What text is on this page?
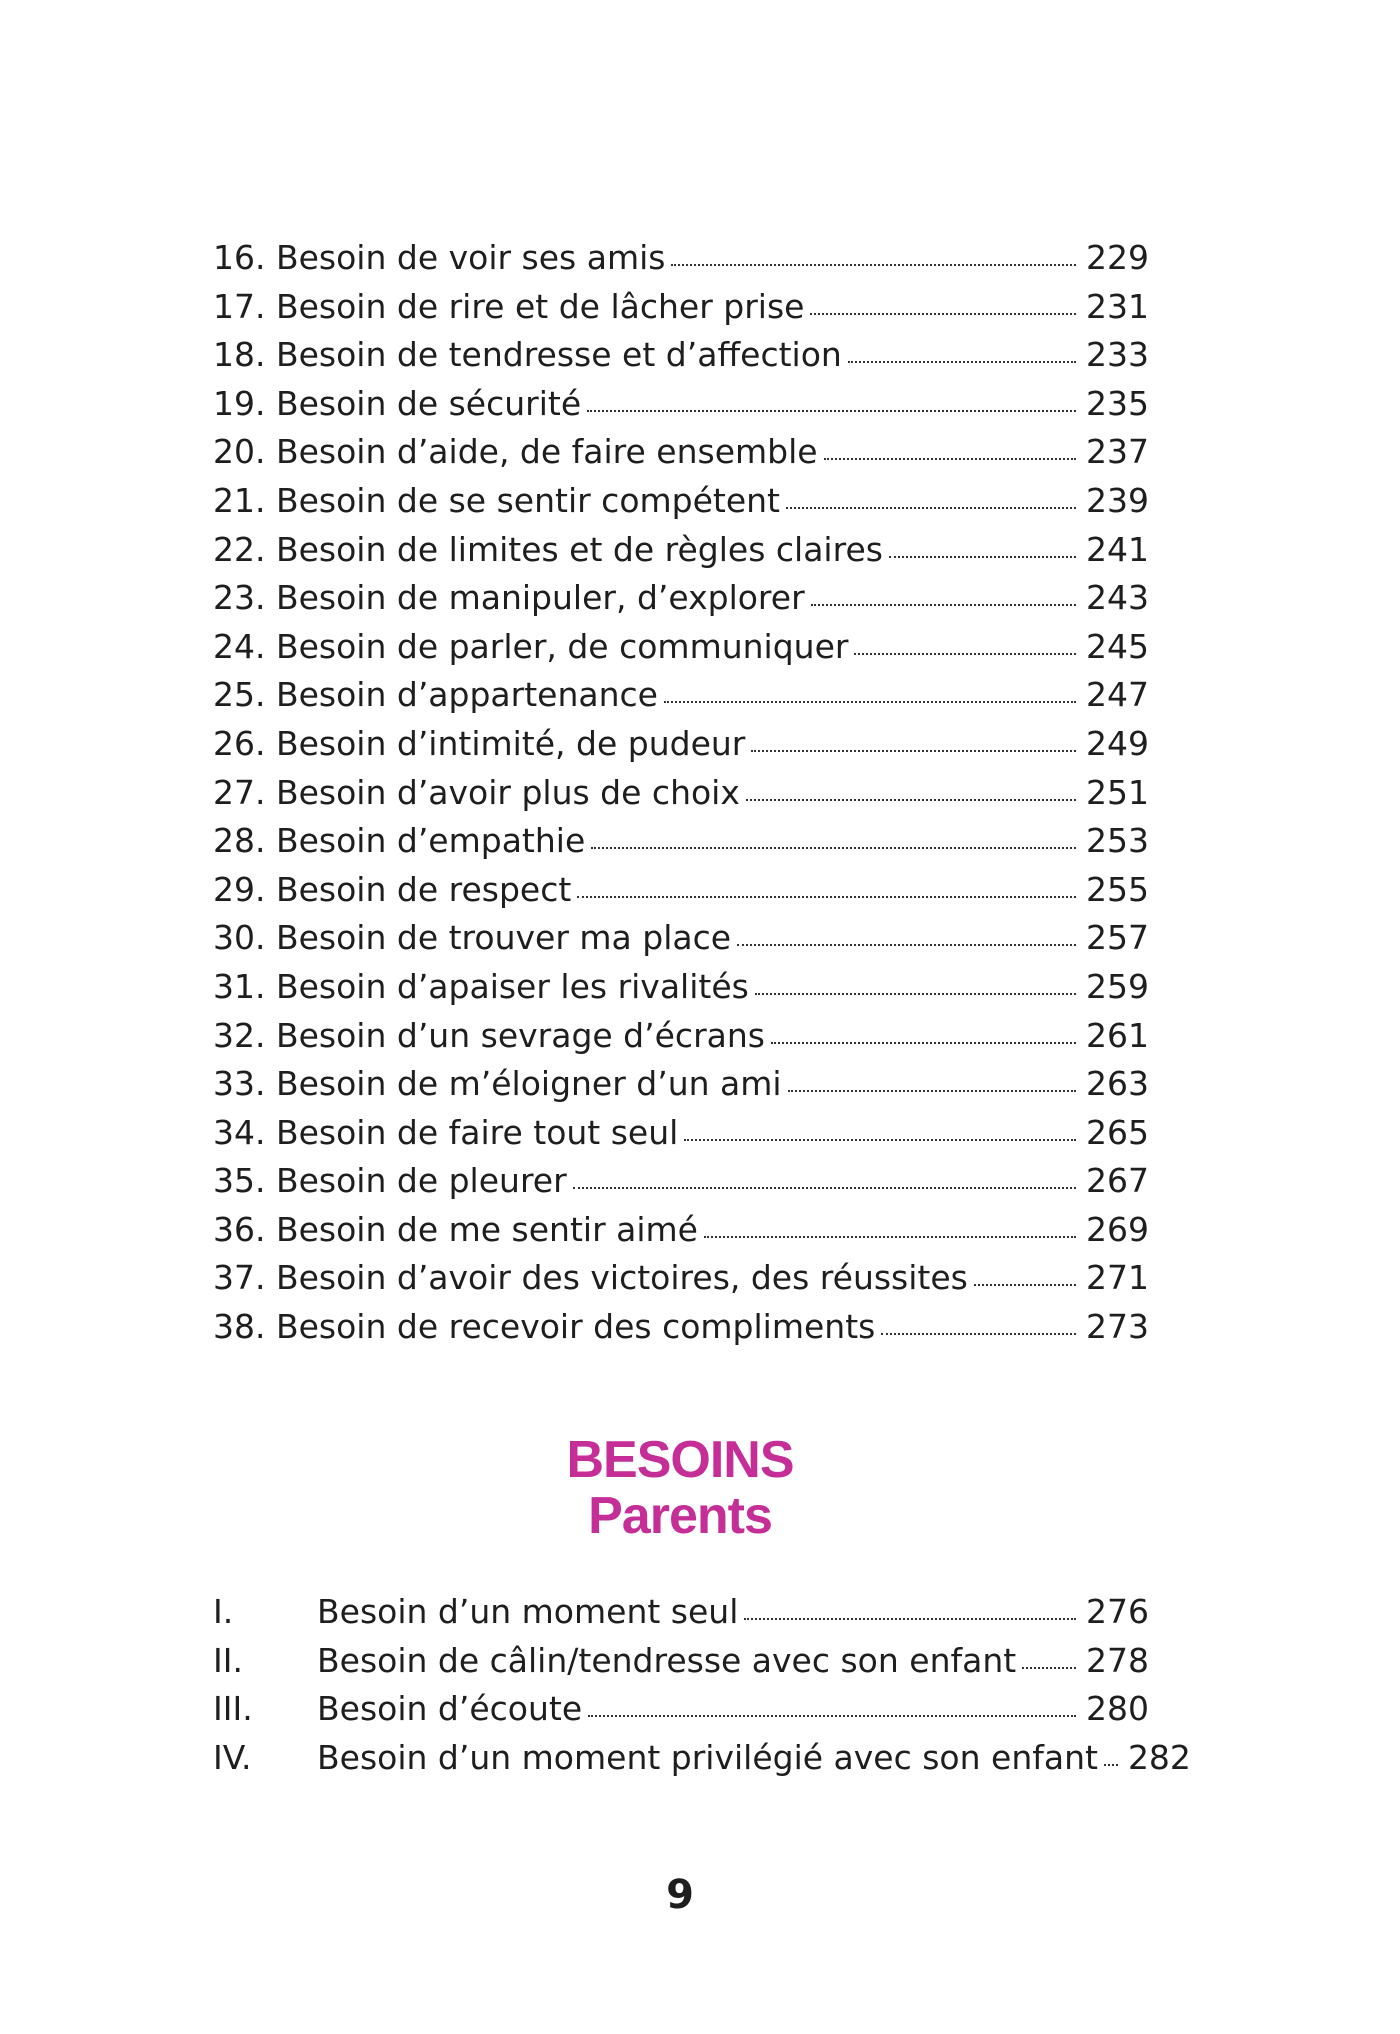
16. Besoin de voir ses amis	229
17. Besoin de rire et de lâcher prise	231
18. Besoin de tendresse et d’affection	233
19. Besoin de sécurité	235
20. Besoin d’aide, de faire ensemble	237
21. Besoin de se sentir compétent	239
22. Besoin de limites et de règles claires	241
23. Besoin de manipuler, d’explorer	243
24. Besoin de parler, de communiquer	245
25. Besoin d’appartenance	247
26. Besoin d’intimité, de pudeur	249
27. Besoin d’avoir plus de choix	251
28. Besoin d’empathie	253
29. Besoin de respect	255
30. Besoin de trouver ma place	257
31. Besoin d’apaiser les rivalités	259
32. Besoin d’un sevrage d’écrans	261
33. Besoin de m’éloigner d’un ami	263
34. Besoin de faire tout seul	265
35. Besoin de pleurer	267
36. Besoin de me sentir aimé	269
37. Besoin d’avoir des victoires, des réussites	271
38. Besoin de recevoir des compliments	273
BESOINS
Parents
I.	Besoin d’un moment seul	276
II.	Besoin de câlin/tendresse avec son enfant 278
III.	Besoin d’écoute	280
IV.	Besoin d’un moment privilégié avec son enfant 282
9
